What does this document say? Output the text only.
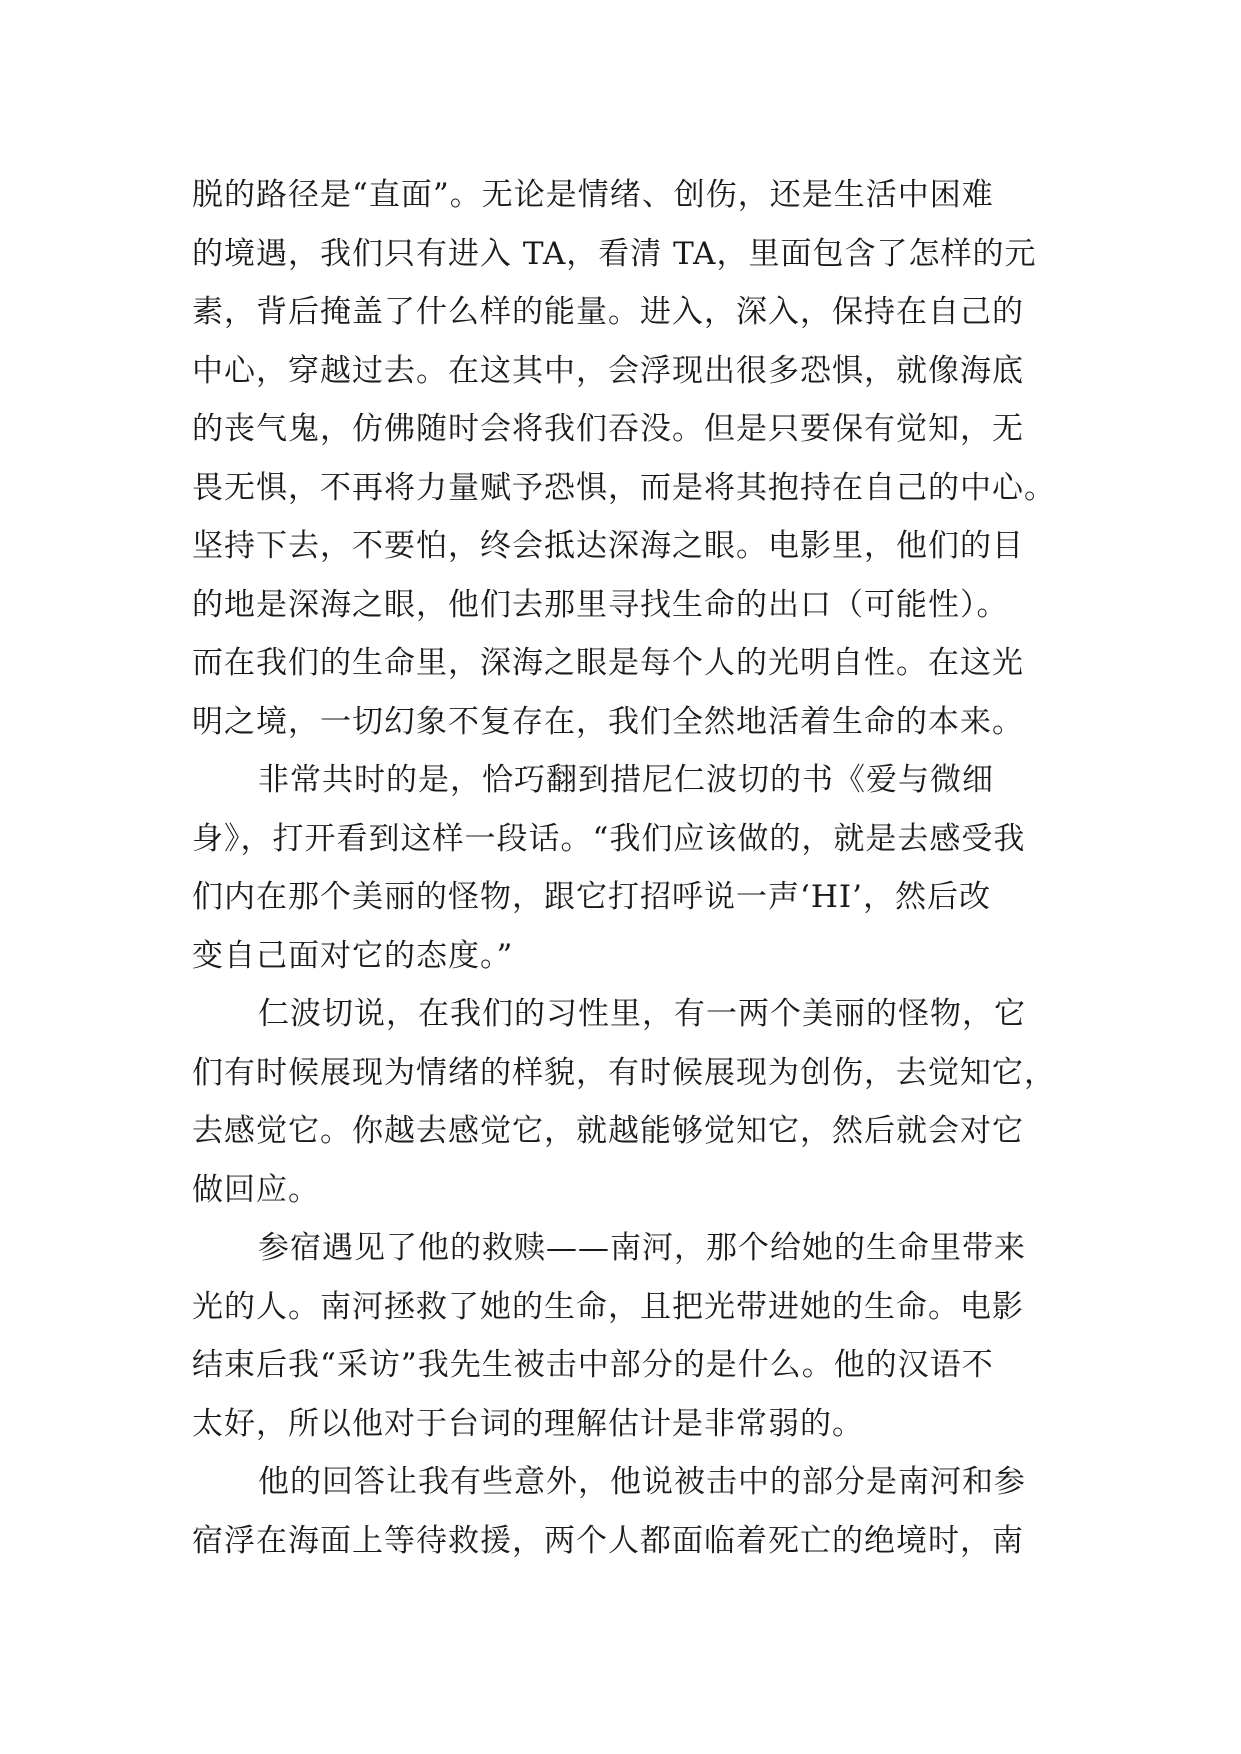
脱的路径是“直面”。无论是情绪、创伤，还是生活中困难
的境遇，我们只有进入 TA，看清 TA，里面包含了怎样的元
素，背后掩盖了什么样的能量。进入，深入，保持在自己的
中心，穿越过去。在这其中，会浮现出很多恐惧，就像海底
的丧气鬼，仿佛随时会将我们吞没。但是只要保有觉知，无
畏无惧，不再将力量赋予恐惧，而是将其抱持在自己的中心。
坚持下去，不要怕，终会抵达深海之眼。电影里，他们的目
的地是深海之眼，他们去那里寻找生命的出口（可能性）。
而在我们的生命里，深海之眼是每个人的光明自性。在这光
明之境，一切幻象不复存在，我们全然地活着生命的本来。
非常共时的是，恰巧翻到措尼仁波切的书《爱与微细
身》，打开看到这样一段话。“我们应该做的，就是去感受我
们内在那个美丽的怪物，跟它打招呼说一声‘HI’，然后改
变自己面对它的态度。”
仁波切说，在我们的习性里，有一两个美丽的怪物，它
们有时候展现为情绪的样貌，有时候展现为创伤，去觉知它，
去感觉它。你越去感觉它，就越能够觉知它，然后就会对它
做回应。
参宿遇见了他的救赎——南河，那个给她的生命里带来
光的人。南河拯救了她的生命，且把光带进她的生命。电影
结束后我“采访”我先生被击中部分的是什么。他的汉语不
太好，所以他对于台词的理解估计是非常弱的。
他的回答让我有些意外，他说被击中的部分是南河和参
宿浮在海面上等待救援，两个人都面临着死亡的绝境时，南
